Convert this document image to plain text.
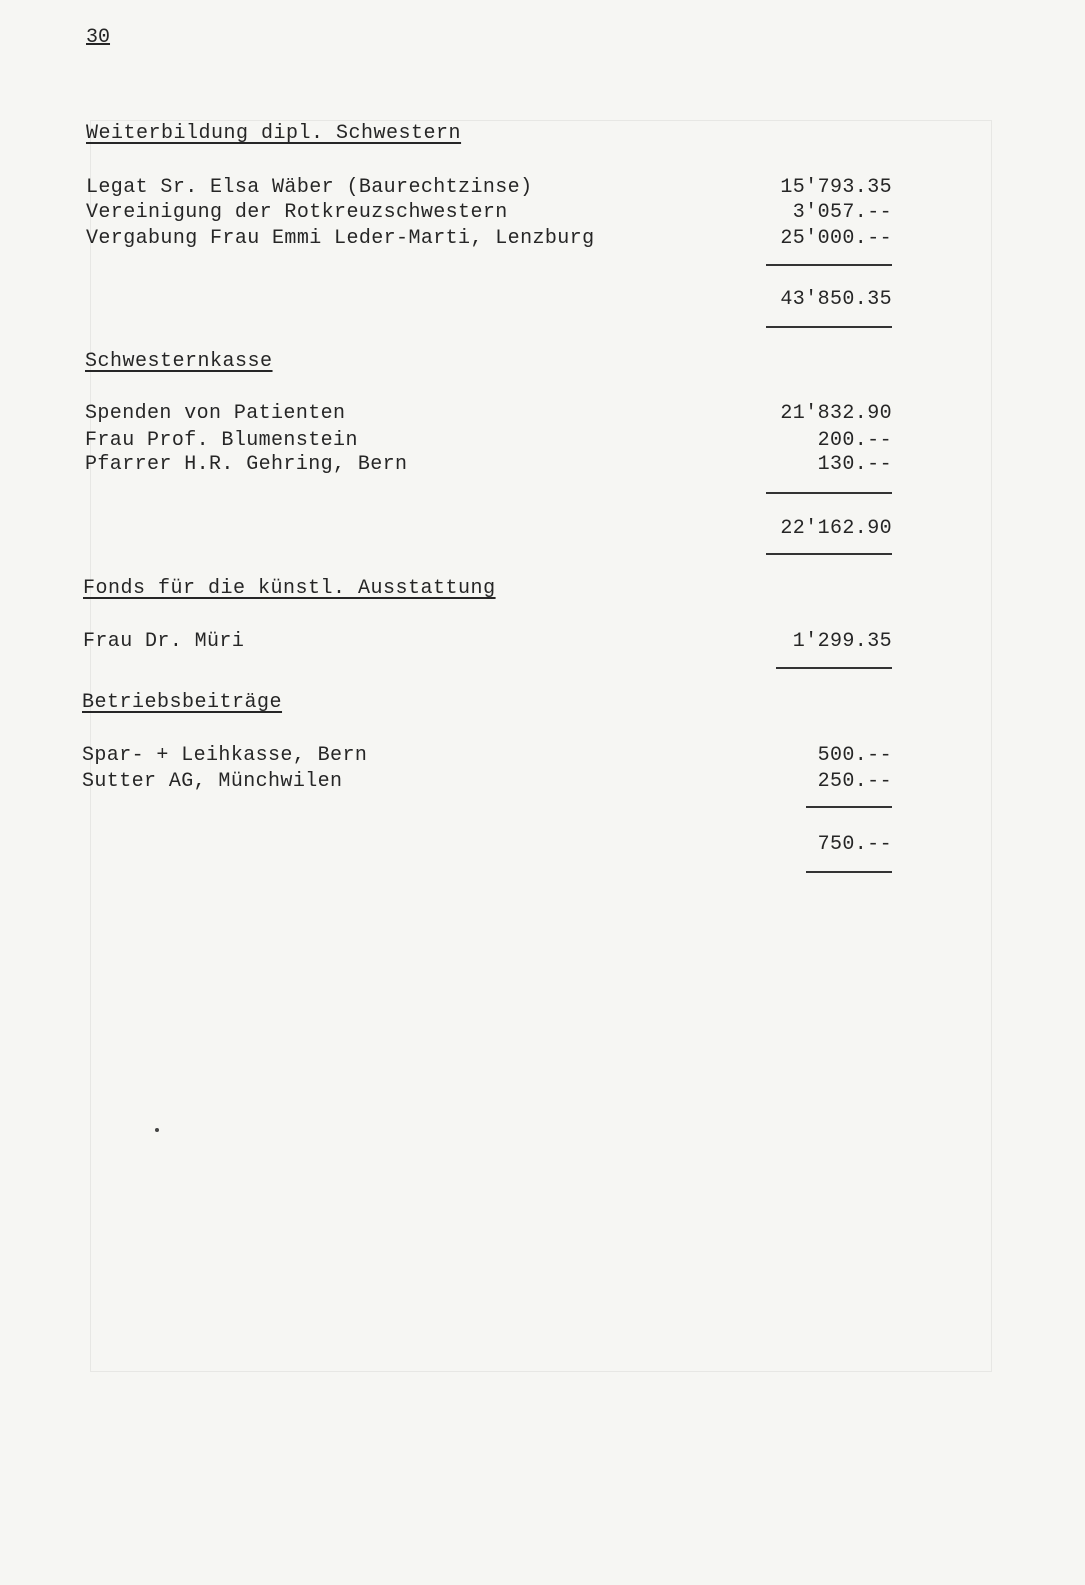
30
Weiterbildung dipl. Schwestern
Legat Sr. Elsa Wäber (Baurechtzinse)	15'793.35
Vereinigung der Rotkreuzschwestern	3'057.--
Vergabung Frau Emmi Leder-Marti, Lenzburg	25'000.--
43'850.35
Schwesternkasse
Spenden von Patienten	21'832.90
Frau Prof. Blumenstein	200.--
Pfarrer H.R. Gehring, Bern	130.--
22'162.90
Fonds für die künstl. Ausstattung
Frau Dr. Müri	1'299.35
Betriebsbeiträge
Spar- + Leihkasse, Bern	500.--
Sutter AG, Münchwilen	250.--
750.--
